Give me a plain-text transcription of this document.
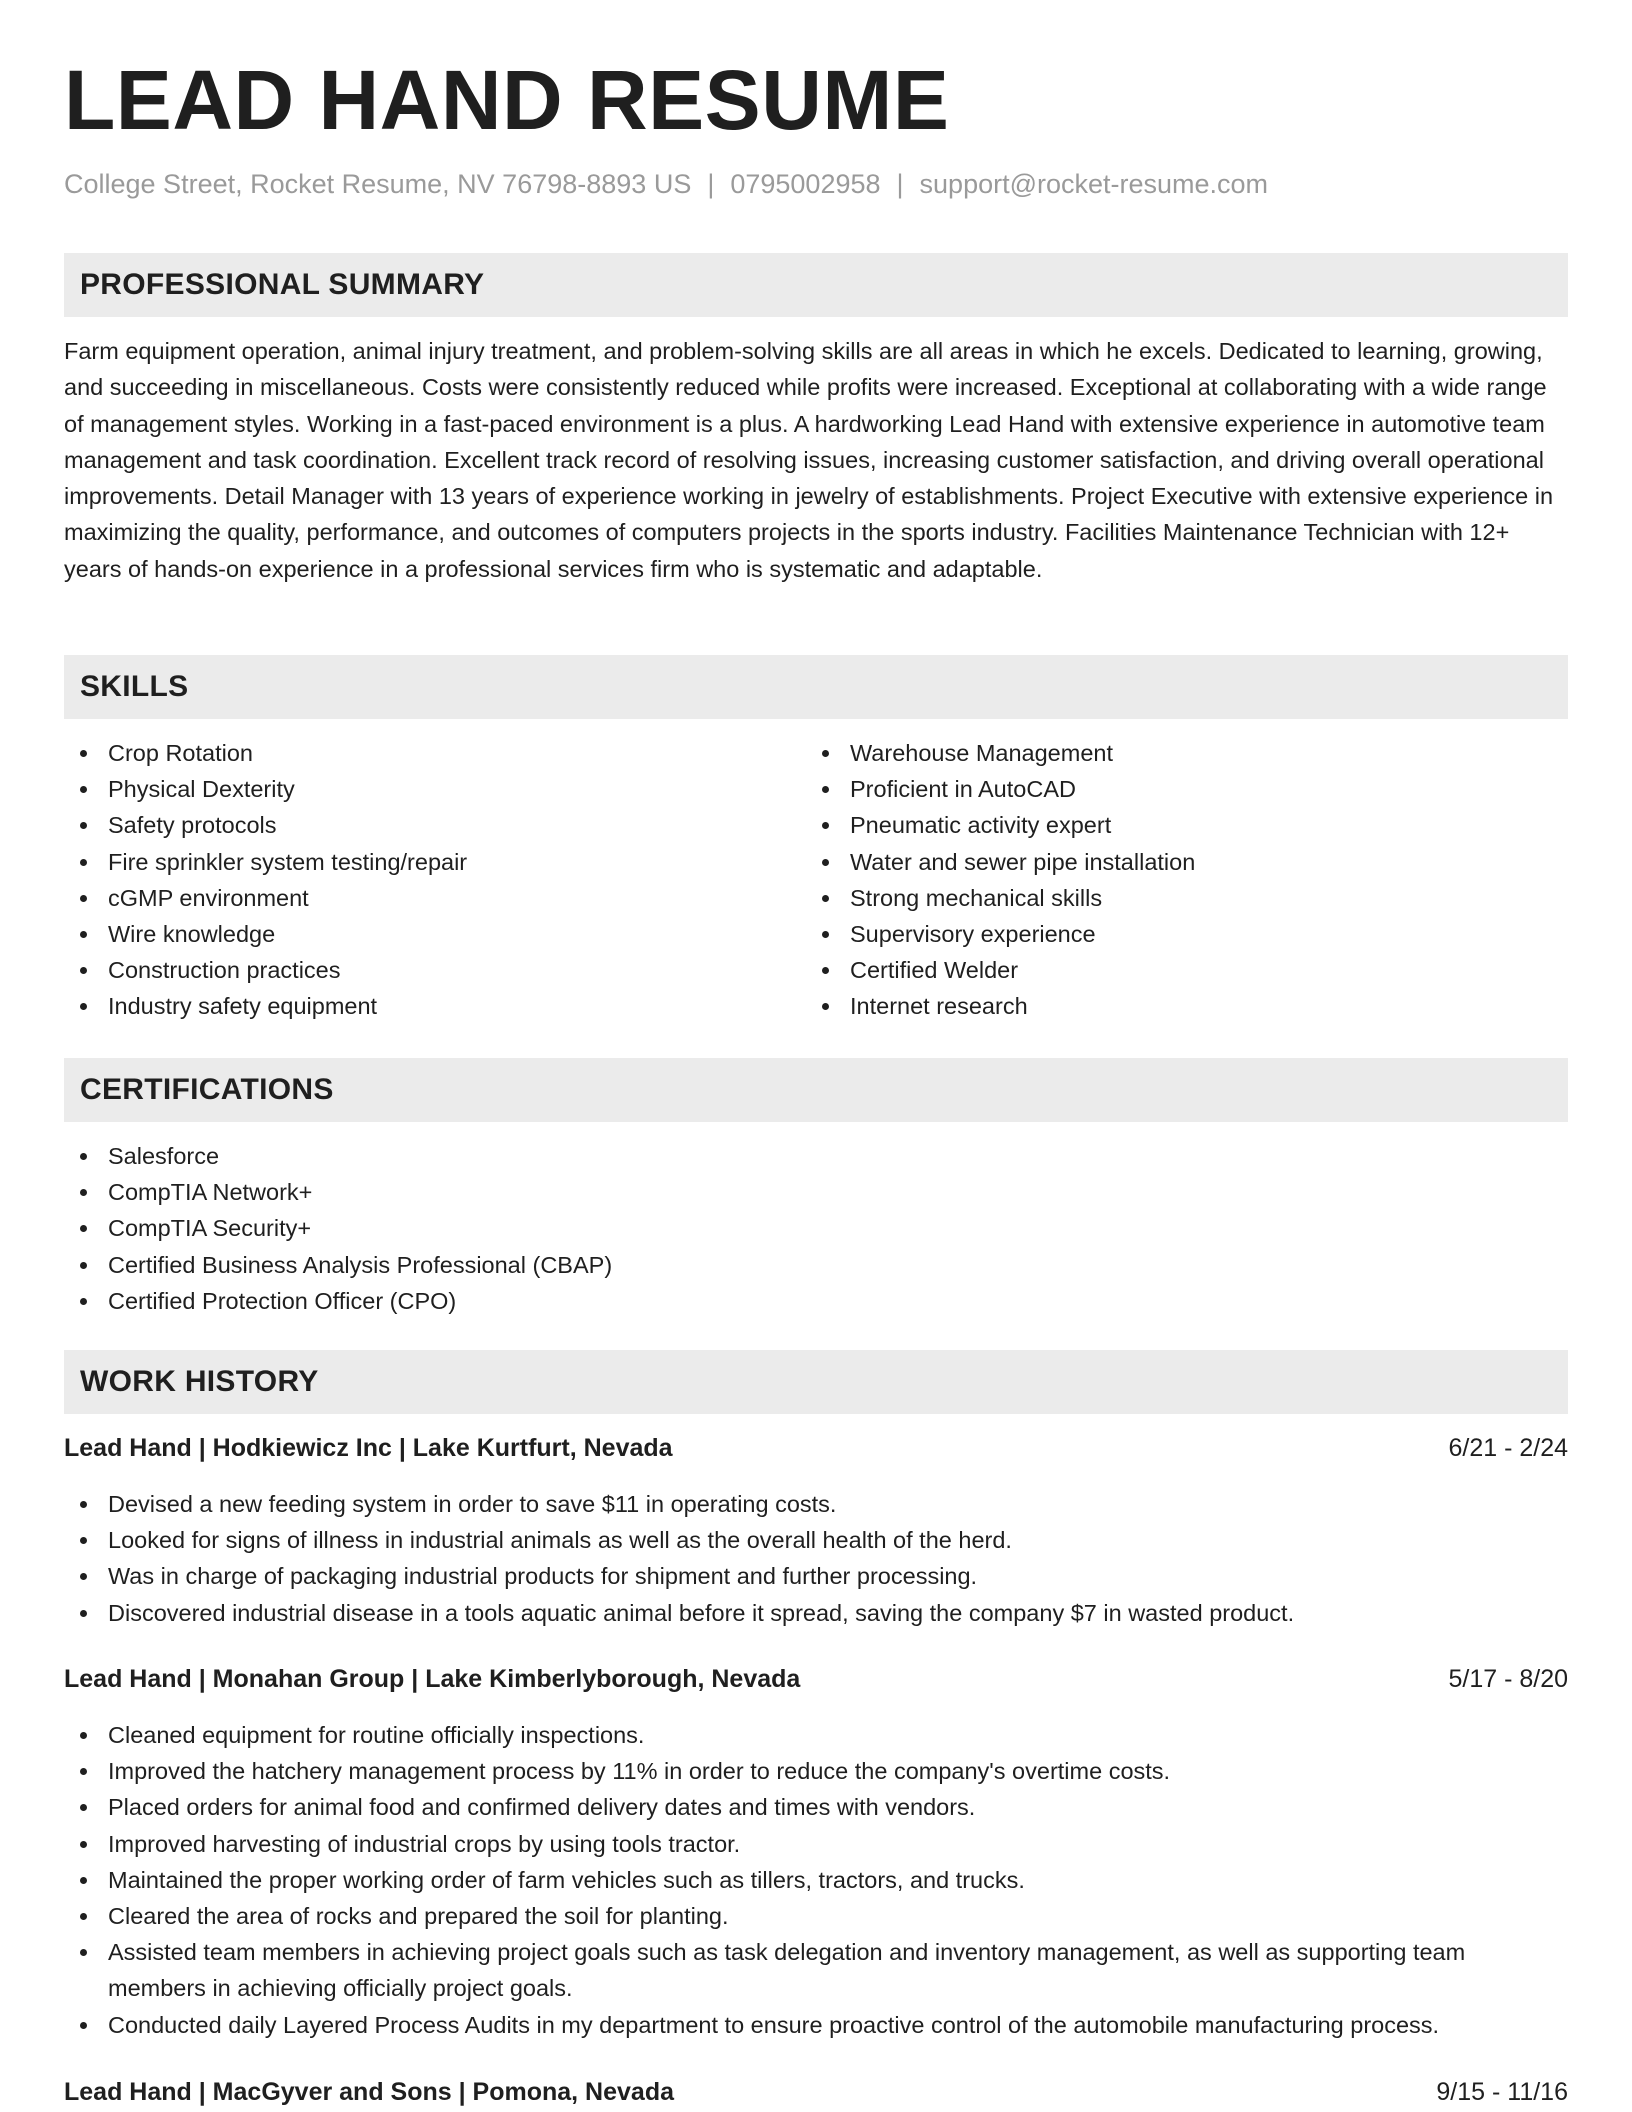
LEAD HAND RESUME
College Street, Rocket Resume, NV 76798-8893 US | 0795002958 | support@rocket-resume.com
PROFESSIONAL SUMMARY

Farm equipment operation, animal injury treatment, and problem-solving skills are all areas in which he excels. Dedicated to learning, growing, and succeeding in miscellaneous. Costs were consistently reduced while profits were increased. Exceptional at collaborating with a wide range of management styles. Working in a fast-paced environment is a plus. A hardworking Lead Hand with extensive experience in automotive team management and task coordination. Excellent track record of resolving issues, increasing customer satisfaction, and driving overall operational improvements. Detail Manager with 13 years of experience working in jewelry of establishments. Project Executive with extensive experience in maximizing the quality, performance, and outcomes of computers projects in the sports industry. Facilities Maintenance Technician with 12+ years of hands-on experience in a professional services firm who is systematic and adaptable.

SKILLS
Crop Rotation
Physical Dexterity
Safety protocols
Fire sprinkler system testing/repair
cGMP environment
Wire knowledge
Construction practices
Industry safety equipment
Warehouse Management
Proficient in AutoCAD
Pneumatic activity expert
Water and sewer pipe installation
Strong mechanical skills
Supervisory experience
Certified Welder
Internet research
CERTIFICATIONS
Salesforce
CompTIA Network+
CompTIA Security+
Certified Business Analysis Professional (CBAP)
Certified Protection Officer (CPO)
WORK HISTORY
Lead Hand | Hodkiewicz Inc | Lake Kurtfurt, Nevada	6/21 - 2/24
Devised a new feeding system in order to save $11 in operating costs.
Looked for signs of illness in industrial animals as well as the overall health of the herd.
Was in charge of packaging industrial products for shipment and further processing.
Discovered industrial disease in a tools aquatic animal before it spread, saving the company $7 in wasted product.
Lead Hand | Monahan Group | Lake Kimberlyborough, Nevada	5/17 - 8/20
Cleaned equipment for routine officially inspections.
Improved the hatchery management process by 11% in order to reduce the company's overtime costs.
Placed orders for animal food and confirmed delivery dates and times with vendors.
Improved harvesting of industrial crops by using tools tractor.
Maintained the proper working order of farm vehicles such as tillers, tractors, and trucks.
Cleared the area of rocks and prepared the soil for planting.
Assisted team members in achieving project goals such as task delegation and inventory management, as well as supporting team members in achieving officially project goals.
Conducted daily Layered Process Audits in my department to ensure proactive control of the automobile manufacturing process.
Lead Hand | MacGyver and Sons | Pomona, Nevada	9/15 - 11/16
